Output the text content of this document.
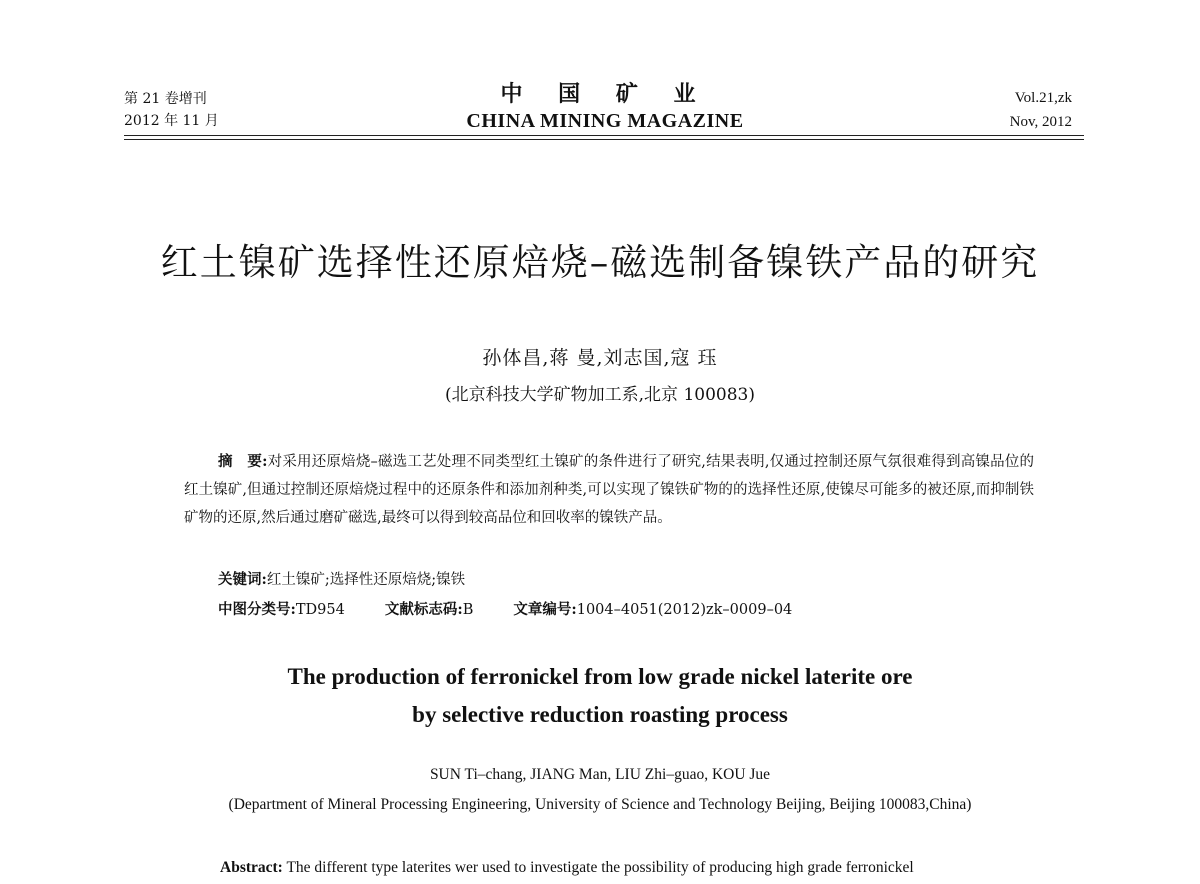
第 21 卷增刊
2012 年 11 月
中 国 矿 业
CHINA MINING MAGAZINE
Vol.21,zk
Nov, 2012
红土镍矿选择性还原焙烧–磁选制备镍铁产品的研究
孙体昌,蒋 曼,刘志国,寇 珏
(北京科技大学矿物加工系,北京 100083)
摘　要:对采用还原焙烧–磁选工艺处理不同类型红土镍矿的条件进行了研究,结果表明,仅通过控制还原气氛很难得到高镍品位的红土镍矿,但通过控制还原焙烧过程中的还原条件和添加剂种类,可以实现了镍铁矿物的的选择性还原,使镍尽可能多的被还原,而抑制铁矿物的还原,然后通过磨矿磁选,最终可以得到较高品位和回收率的镍铁产品。
关键词:红土镍矿;选择性还原焙烧;镍铁
中图分类号:TD954	文献标志码:B	文章编号:1004–4051(2012)zk–0009–04
The production of ferronickel from low grade nickel laterite ore
by selective reduction roasting process
SUN Ti–chang, JIANG Man, LIU Zhi–guao, KOU Jue
(Department of Mineral Processing Engineering, University of Science and Technology Beijing, Beijing 100083,China)
Abstract: The different type laterites wer used to investigate the possibility of producing high grade ferronickel
